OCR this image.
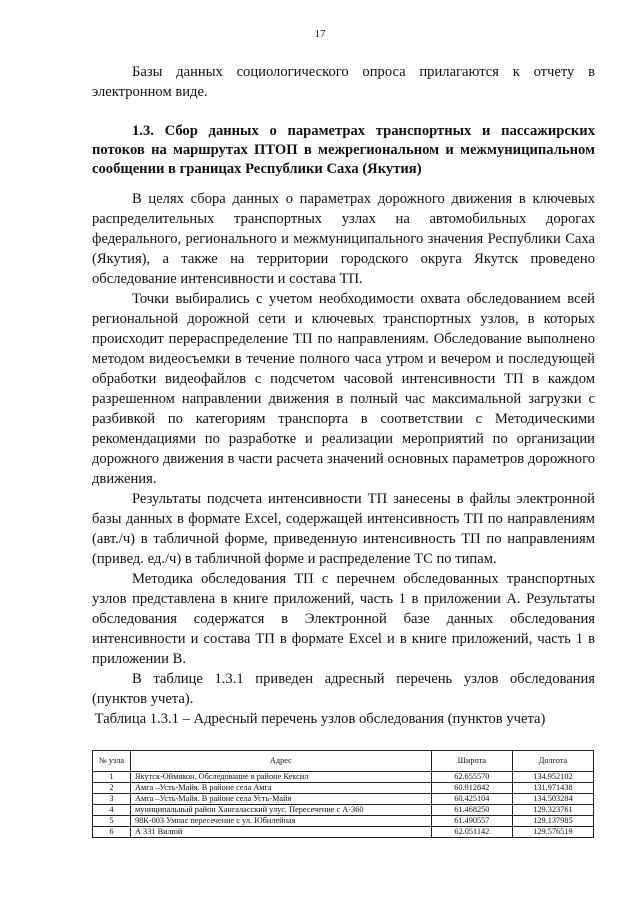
17

Базы данных социологического опроса прилагаются к отчету в электронном виде.

1.3. Сбор данных о параметрах транспортных и пассажирских потоков на маршрутах ПТОП в межрегиональном и межмуниципальном сообщении в границах Республики Саха (Якутия)

В целях сбора данных о параметрах дорожного движения в ключевых распределительных транспортных узлах на автомобильных дорогах федерального, регионального и межмуниципального значения Республики Саха (Якутия), а также на территории городского округа Якутск проведено обследование интенсивности и состава ТП.

Точки выбирались с учетом необходимости охвата обследованием всей региональной дорожной сети и ключевых транспортных узлов, в которых происходит перераспределение ТП по направлениям. Обследование выполнено методом видеосъемки в течение полного часа утром и вечером и последующей обработки видеофайлов с подсчетом часовой интенсивности ТП в каждом разрешенном направлении движения в полный час максимальной загрузки с разбивкой по категориям транспорта в соответствии с Методическими рекомендациями по разработке и реализации мероприятий по организации дорожного движения в части расчета значений основных параметров дорожного движения.

Результаты подсчета интенсивности ТП занесены в файлы электронной базы данных в формате Excel, содержащей интенсивность ТП по направлениям (авт./ч) в табличной форме, приведенную интенсивность ТП по направлениям (привед. ед./ч) в табличной форме и распределение ТС по типам.

Методика обследования ТП с перечнем обследованных транспортных узлов представлена в книге приложений, часть 1 в приложении А. Результаты обследования содержатся в Электронной базе данных обследования интенсивности и состава ТП в формате Excel и в книге приложений, часть 1 в приложении В.

В таблице 1.3.1 приведен адресный перечень узлов обследования (пунктов учета).

Таблица 1.3.1 – Адресный перечень узлов обследования (пунктов учета)
№ узла	Адрес	Широта	Долгота
1	Якутск-Оймякон. Обследование в районе Кексил	62.655570	134.952102
2	Амга –Усть-Майя. В районе села Амга	60.912842	131.971438
3	Амга –Усть-Майя. В районе села Усть-Майя	60.425104	134.503284
4	муниципальный район Хангаласский улус. Пересечение с А-360	61.468250	129.323761
5	98К-003 Умнас пересечение с ул. Юбилейная	61.490557	129.137985
6	А 331 Вилюй	62.051142	129.576519
